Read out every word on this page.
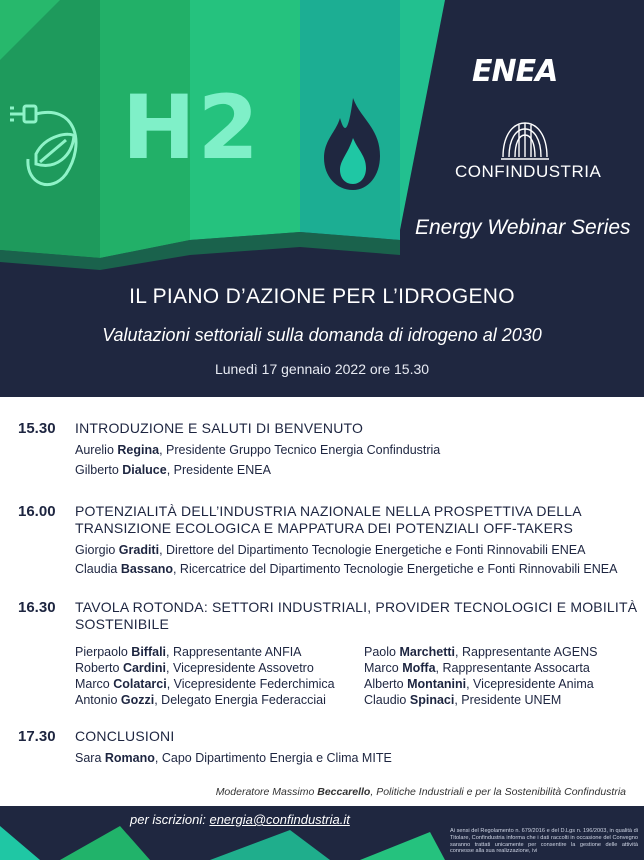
H2
ENEA
CONFINDUSTRIA
Energy Webinar Series
IL PIANO D’AZIONE PER L’IDROGENO
Valutazioni settoriali sulla domanda di idrogeno al 2030
Lunedì 17 gennaio 2022 ore 15.30
15.30 INTRODUZIONE E SALUTI DI BENVENUTO
Aurelio Regina, Presidente Gruppo Tecnico Energia Confindustria
Gilberto Dialuce, Presidente ENEA
16.00 POTENZIALITÀ DELL’INDUSTRIA NAZIONALE NELLA PROSPETTIVA DELLA
TRANSIZIONE ECOLOGICA E MAPPATURA DEI POTENZIALI OFF-TAKERS
Giorgio Graditi, Direttore del Dipartimento Tecnologie Energetiche e Fonti Rinnovabili ENEA
Claudia Bassano, Ricercatrice del Dipartimento Tecnologie Energetiche e Fonti Rinnovabili ENEA
16.30 TAVOLA ROTONDA: SETTORI INDUSTRIALI, PROVIDER TECNOLOGICI E MOBILITÀ
SOSTENIBILE
Pierpaolo Biffali, Rappresentante ANFIA
Roberto Cardini, Vicepresidente Assovetro
Marco Colatarci, Vicepresidente Federchimica
Antonio Gozzi, Delegato Energia Federacciai
Paolo Marchetti, Rappresentante AGENS
Marco Moffa, Rappresentante Assocarta
Alberto Montanini, Vicepresidente Anima
Claudio Spinaci, Presidente UNEM
17.30 CONCLUSIONI
Sara Romano, Capo Dipartimento Energia e Clima MITE
Moderatore Massimo Beccarello, Politiche Industriali e per la Sostenibilità Confindustria
per iscrizioni: energia@confindustria.it
Ai sensi del Regolamento n. 679/2016 e del D.Lgs n. 196/2003, in qualità di Titolare, Confindustria informa che i dati raccolti in occasione del Convegno saranno trattati unicamente per consentire la gestione delle attività connesse alla sua realizzazione, ivi
